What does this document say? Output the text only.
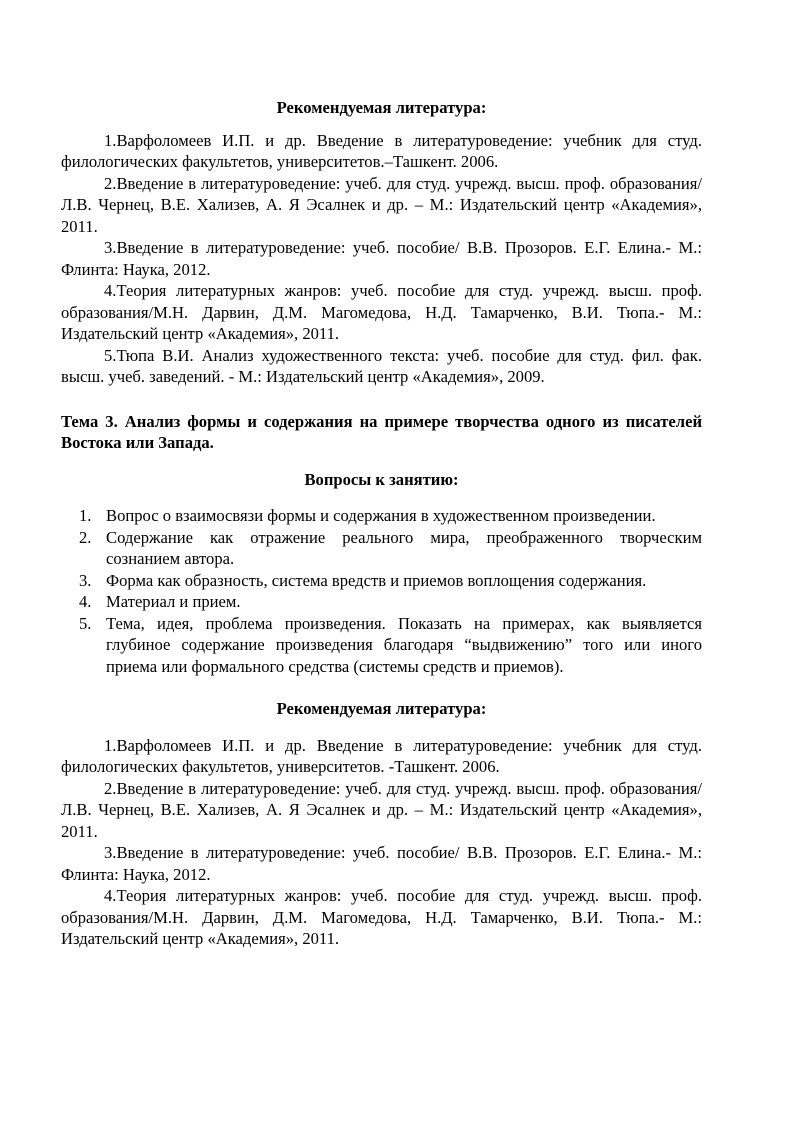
Рекомендуемая литература:

1.Варфоломеев И.П. и др. Введение в литературоведение: учебник для студ. филологических факультетов, университетов.–Ташкент. 2006.

2.Введение в литературоведение: учеб. для студ. учрежд. высш. проф. образования/ Л.В. Чернец, В.Е. Хализев, А. Я Эсалнек и др. – М.: Издательский центр «Академия», 2011.

3.Введение в литературоведение: учеб. пособие/ В.В. Прозоров. Е.Г. Елина.- М.: Флинта: Наука, 2012.

4.Теория литературных жанров: учеб. пособие для студ. учрежд. высш. проф. образования/М.Н. Дарвин, Д.М. Магомедова, Н.Д. Тамарченко, В.И. Тюпа.- М.: Издательский центр «Академия», 2011.

5.Тюпа В.И. Анализ художественного текста: учеб. пособие для студ. фил. фак. высш. учеб. заведений. - М.: Издательский центр «Академия», 2009.

Тема 3. Анализ формы и содержания на примере творчества одного из писателей Востока или Запада.

Вопросы к занятию:

1. Вопрос о взаимосвязи формы и содержания в художественном произведении.
2. Содержание как отражение реального мира, преображенного творческим сознанием автора.
3. Форма как образность, система вредств и приемов воплощения содержания.
4. Материал и прием.
5. Тема, идея, проблема произведения. Показать на примерах, как выявляется глубиное содержание произведения благодаря “выдвижению” того или иного приема или формального средства (системы средств и приемов).

Рекомендуемая литература:

1.Варфоломеев И.П. и др. Введение в литературоведение: учебник для студ. филологических факультетов, университетов. -Ташкент. 2006.

2.Введение в литературоведение: учеб. для студ. учрежд. высш. проф. образования/ Л.В. Чернец, В.Е. Хализев, А. Я Эсалнек и др. – М.: Издательский центр «Академия», 2011.

3.Введение в литературоведение: учеб. пособие/ В.В. Прозоров. Е.Г. Елина.- М.: Флинта: Наука, 2012.

4.Теория литературных жанров: учеб. пособие для студ. учрежд. высш. проф. образования/М.Н. Дарвин, Д.М. Магомедова, Н.Д. Тамарченко, В.И. Тюпа.- М.: Издательский центр «Академия», 2011.
